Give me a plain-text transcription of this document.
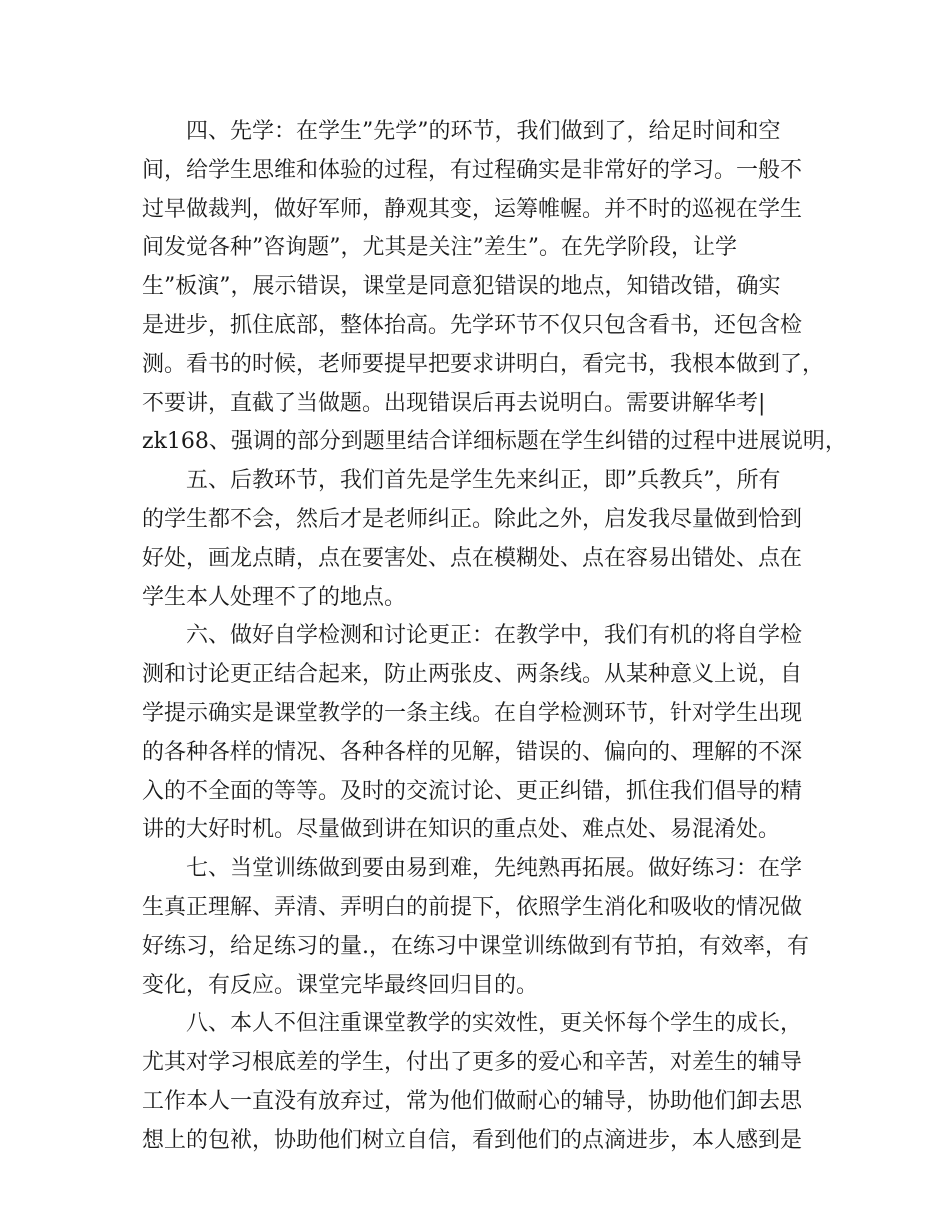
四、先学：在学生”先学”的环节，我们做到了，给足时间和空
间，给学生思维和体验的过程，有过程确实是非常好的学习。一般不
过早做裁判，做好军师，静观其变，运筹帷幄。并不时的巡视在学生
间发觉各种”咨询题”，尤其是关注”差生”。在先学阶段，让学
生”板演”，展示错误，课堂是同意犯错误的地点，知错改错，确实
是进步，抓住底部，整体抬高。先学环节不仅只包含看书，还包含检
测。看书的时候，老师要提早把要求讲明白，看完书，我根本做到了，
不要讲，直截了当做题。出现错误后再去说明白。需要讲解华考|
zk168、强调的部分到题里结合详细标题在学生纠错的过程中进展说明，
五、后教环节，我们首先是学生先来纠正，即”兵教兵”，所有
的学生都不会，然后才是老师纠正。除此之外，启发我尽量做到恰到
好处，画龙点睛，点在要害处、点在模糊处、点在容易出错处、点在
学生本人处理不了的地点。
六、做好自学检测和讨论更正：在教学中，我们有机的将自学检
测和讨论更正结合起来，防止两张皮、两条线。从某种意义上说，自
学提示确实是课堂教学的一条主线。在自学检测环节，针对学生出现
的各种各样的情况、各种各样的见解，错误的、偏向的、理解的不深
入的不全面的等等。及时的交流讨论、更正纠错，抓住我们倡导的精
讲的大好时机。尽量做到讲在知识的重点处、难点处、易混淆处。
七、当堂训练做到要由易到难，先纯熟再拓展。做好练习：在学
生真正理解、弄清、弄明白的前提下，依照学生消化和吸收的情况做
好练习，给足练习的量.，在练习中课堂训练做到有节拍，有效率，有
变化，有反应。课堂完毕最终回归目的。
八、本人不但注重课堂教学的实效性，更关怀每个学生的成长，
尤其对学习根底差的学生，付出了更多的爱心和辛苦，对差生的辅导
工作本人一直没有放弃过，常为他们做耐心的辅导，协助他们卸去思
想上的包袱，协助他们树立自信，看到他们的点滴进步，本人感到是
